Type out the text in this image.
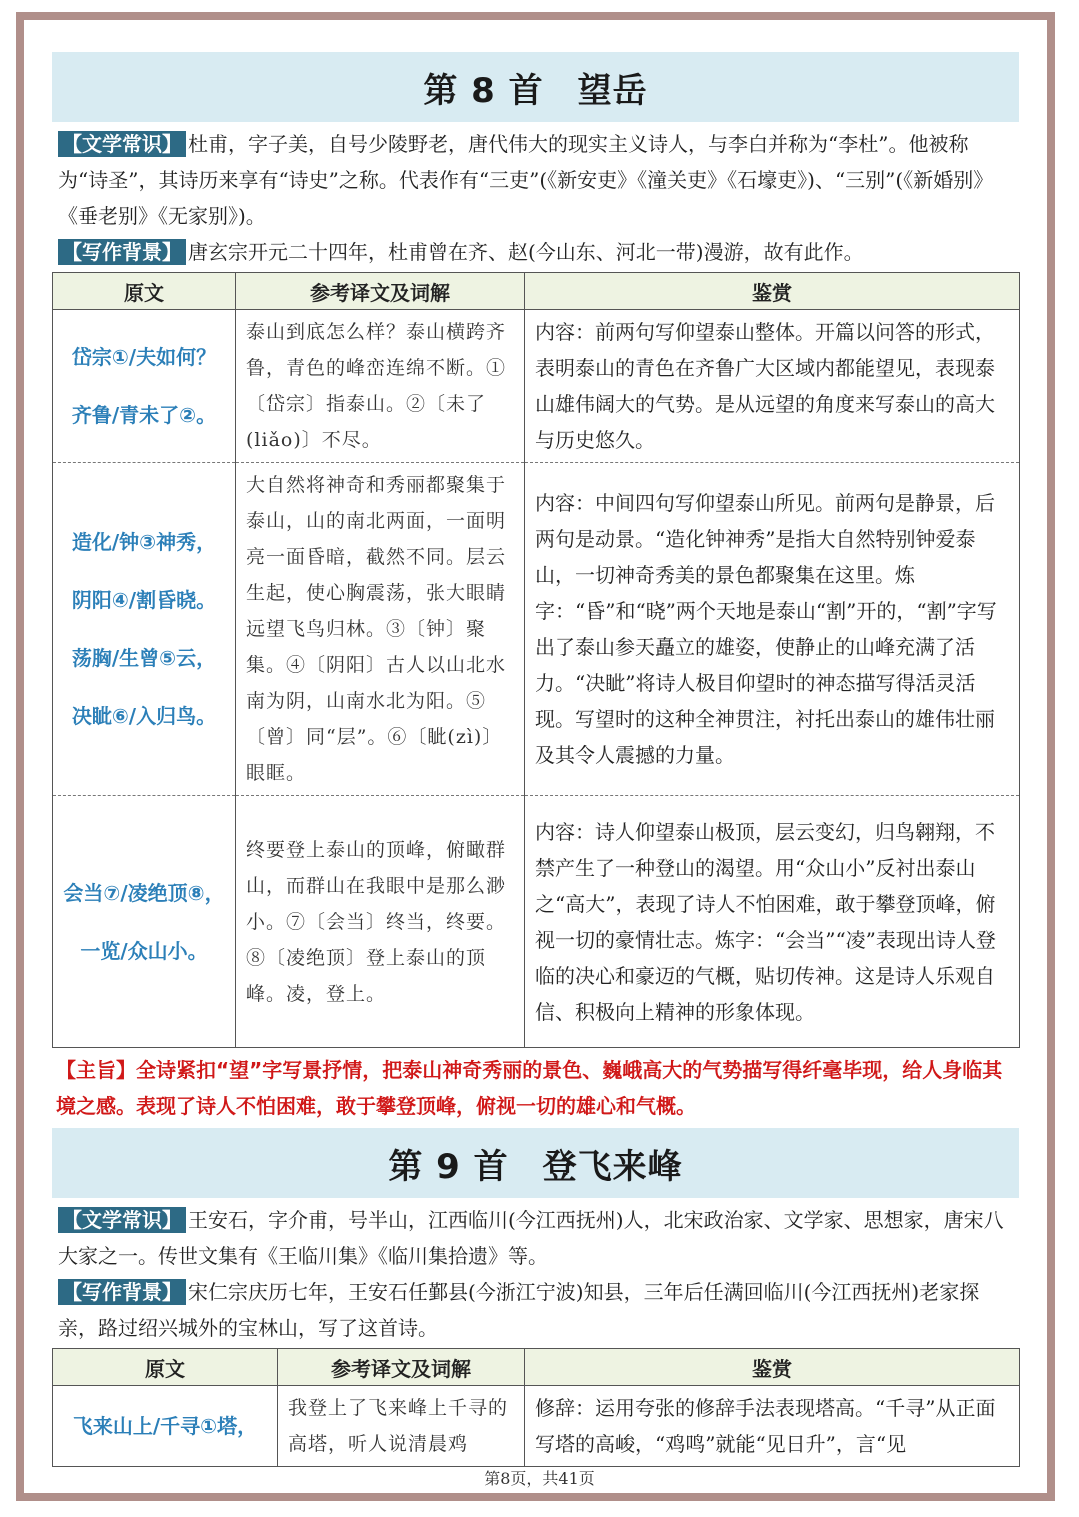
第 8 首 望岳

【文学常识】 杜甫，字子美，自号少陵野老，唐代伟大的现实主义诗人，与李白并称为“李杜”。他被称为“诗圣”，其诗历来享有“诗史”之称。代表作有“三吏”(《新安吏》《潼关吏》《石壕吏》)、“三别”(《新婚别》《垂老别》《无家别》)。

【写作背景】 唐玄宗开元二十四年，杜甫曾在齐、赵(今山东、河北一带)漫游，故有此作。

原文	参考译文及词解	鉴赏

岱宗①/夫如何？
齐鲁/青未了②。	泰山到底怎么样？泰山横跨齐鲁，青色的峰峦连绵不断。①〔岱宗〕指泰山。②〔未了(liǎo)〕不尽。	内容：前两句写仰望泰山整体。开篇以问答的形式，表明泰山的青色在齐鲁广大区域内都能望见，表现泰山雄伟阔大的气势。是从远望的角度来写泰山的高大与历史悠久。

造化/钟③神秀，
阴阳④/割昏晓。
荡胸/生曾⑤云，
决眦⑥/入归鸟。	大自然将神奇和秀丽都聚集于泰山，山的南北两面，一面明亮一面昏暗，截然不同。层云生起，使心胸震荡，张大眼睛远望飞鸟归林。③〔钟〕聚集。④〔阴阳〕古人以山北水南为阴，山南水北为阳。⑤〔曾〕同“层”。⑥〔眦(zì)〕眼眶。	内容：中间四句写仰望泰山所见。前两句是静景，后两句是动景。“造化钟神秀”是指大自然特别钟爱泰山，一切神奇秀美的景色都聚集在这里。炼字：“昏”和“晓”两个天地是泰山“割”开的，“割”字写出了泰山参天矗立的雄姿，使静止的山峰充满了活力。“决眦”将诗人极目仰望时的神态描写得活灵活现。写望时的这种全神贯注，衬托出泰山的雄伟壮丽及其令人震撼的力量。

会当⑦/凌绝顶⑧，
一览/众山小。	终要登上泰山的顶峰，俯瞰群山，而群山在我眼中是那么渺小。⑦〔会当〕终当，终要。⑧〔凌绝顶〕登上泰山的顶峰。凌，登上。	内容：诗人仰望泰山极顶，层云变幻，归鸟翱翔，不禁产生了一种登山的渴望。用“众山小”反衬出泰山之“高大”，表现了诗人不怕困难，敢于攀登顶峰，俯视一切的豪情壮志。炼字：“会当”“凌”表现出诗人登临的决心和豪迈的气概，贴切传神。这是诗人乐观自信、积极向上精神的形象体现。

【主旨】全诗紧扣“望”字写景抒情，把泰山神奇秀丽的景色、巍峨高大的气势描写得纤毫毕现，给人身临其境之感。表现了诗人不怕困难，敢于攀登顶峰，俯视一切的雄心和气概。

第 9 首 登飞来峰

【文学常识】 王安石，字介甫，号半山，江西临川(今江西抚州)人，北宋政治家、文学家、思想家，唐宋八大家之一。传世文集有《王临川集》《临川集拾遗》等。

【写作背景】 宋仁宗庆历七年，王安石任鄞县(今浙江宁波)知县，三年后任满回临川(今江西抚州)老家探亲，路过绍兴城外的宝林山，写了这首诗。

原文	参考译文及词解	鉴赏

飞来山上/千寻①塔，	我登上了飞来峰上千寻的高塔，听人说清晨鸡	修辞：运用夸张的修辞手法表现塔高。“千寻”从正面写塔的高峻，“鸡鸣”就能“见日升”，言“见
第8页，共41页
